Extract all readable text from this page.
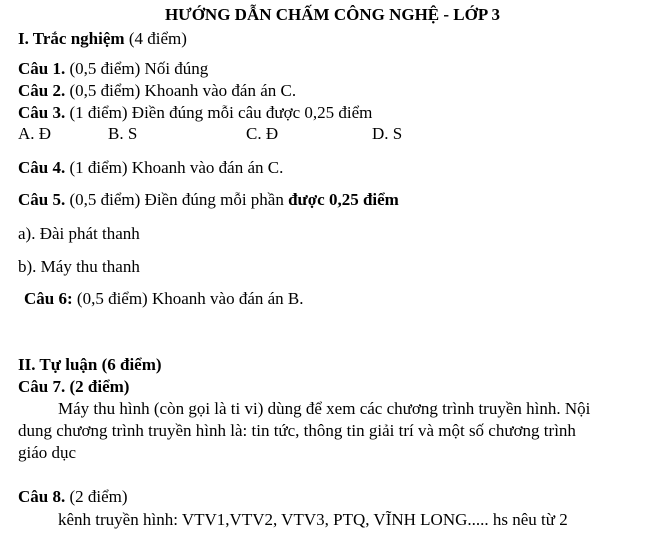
HƯỚNG DẪN CHẤM CÔNG NGHỆ - LỚP 3
I. Trắc nghiệm (4 điểm)
Câu 1. (0,5 điểm) Nối đúng
Câu 2. (0,5 điểm) Khoanh vào đán án C.
Câu 3. (1 điểm) Điền đúng mỗi câu được 0,25 điểm
A. Đ	B. S	C. Đ	D. S
Câu 4. (1 điểm) Khoanh vào đán án C.
Câu 5. (0,5 điểm) Điền đúng mỗi phần được 0,25 điểm
a). Đài phát thanh
b). Máy thu thanh
Câu 6: (0,5 điểm) Khoanh vào đán án B.
II. Tự luận (6 điểm)
Câu 7. (2 điểm)
Máy thu hình (còn gọi là ti vi) dùng để xem các chương trình truyền hình. Nội
dung chương trình truyền hình là: tin tức, thông tin giải trí và một số chương trình
giáo dục
Câu 8. (2 điểm)
kênh truyền hình: VTV1,VTV2, VTV3, PTQ, VĨNH LONG..... hs nêu từ 2
